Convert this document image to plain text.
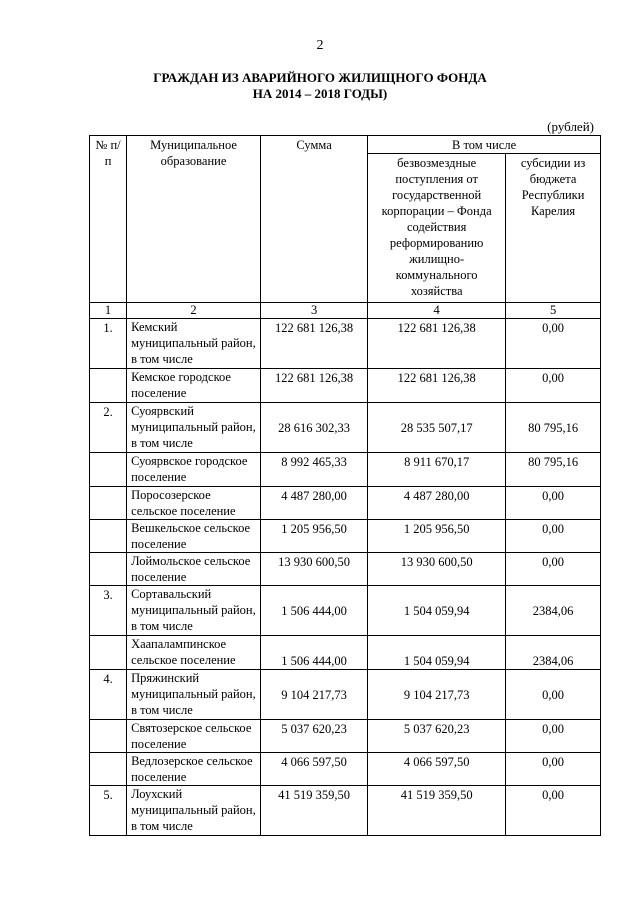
2
ГРАЖДАН ИЗ АВАРИЙНОГО ЖИЛИЩНОГО ФОНДА
НА 2014 – 2018 ГОДЫ)
(рублей)
№ п/п	Муниципальное образование	Сумма	В том числе	
			безвозмездные поступления от государственной корпорации – Фонда содействия реформированию жилищно-коммунального хозяйства	субсидии из бюджета Республики Карелия
1	2	3	4	5
1.	Кемский муниципальный район, в том числе	122 681 126,38	122 681 126,38	0,00
	Кемское городское поселение	122 681 126,38	122 681 126,38	0,00
2.	Суоярвский муниципальный район, в том числе	28 616 302,33	28 535 507,17	80 795,16
	Суоярвское городское поселение	8 992 465,33	8 911 670,17	80 795,16
	Поросозерское сельское поселение	4 487 280,00	4 487 280,00	0,00
	Вешкельское сельское поселение	1 205 956,50	1 205 956,50	0,00
	Лоймольское сельское поселение	13 930 600,50	13 930 600,50	0,00
3.	Сортавальский муниципальный район, в том числе	1 506 444,00	1 504 059,94	2384,06
	Хаапалампинское сельское поселение	1 506 444,00	1 504 059,94	2384,06
4.	Пряжинский муниципальный район, в том числе	9 104 217,73	9 104 217,73	0,00
	Святозерское сельское поселение	5 037 620,23	5 037 620,23	0,00
	Ведлозерское сельское поселение	4 066 597,50	4 066 597,50	0,00
5.	Лоухский муниципальный район, в том числе	41 519 359,50	41 519 359,50	0,00
